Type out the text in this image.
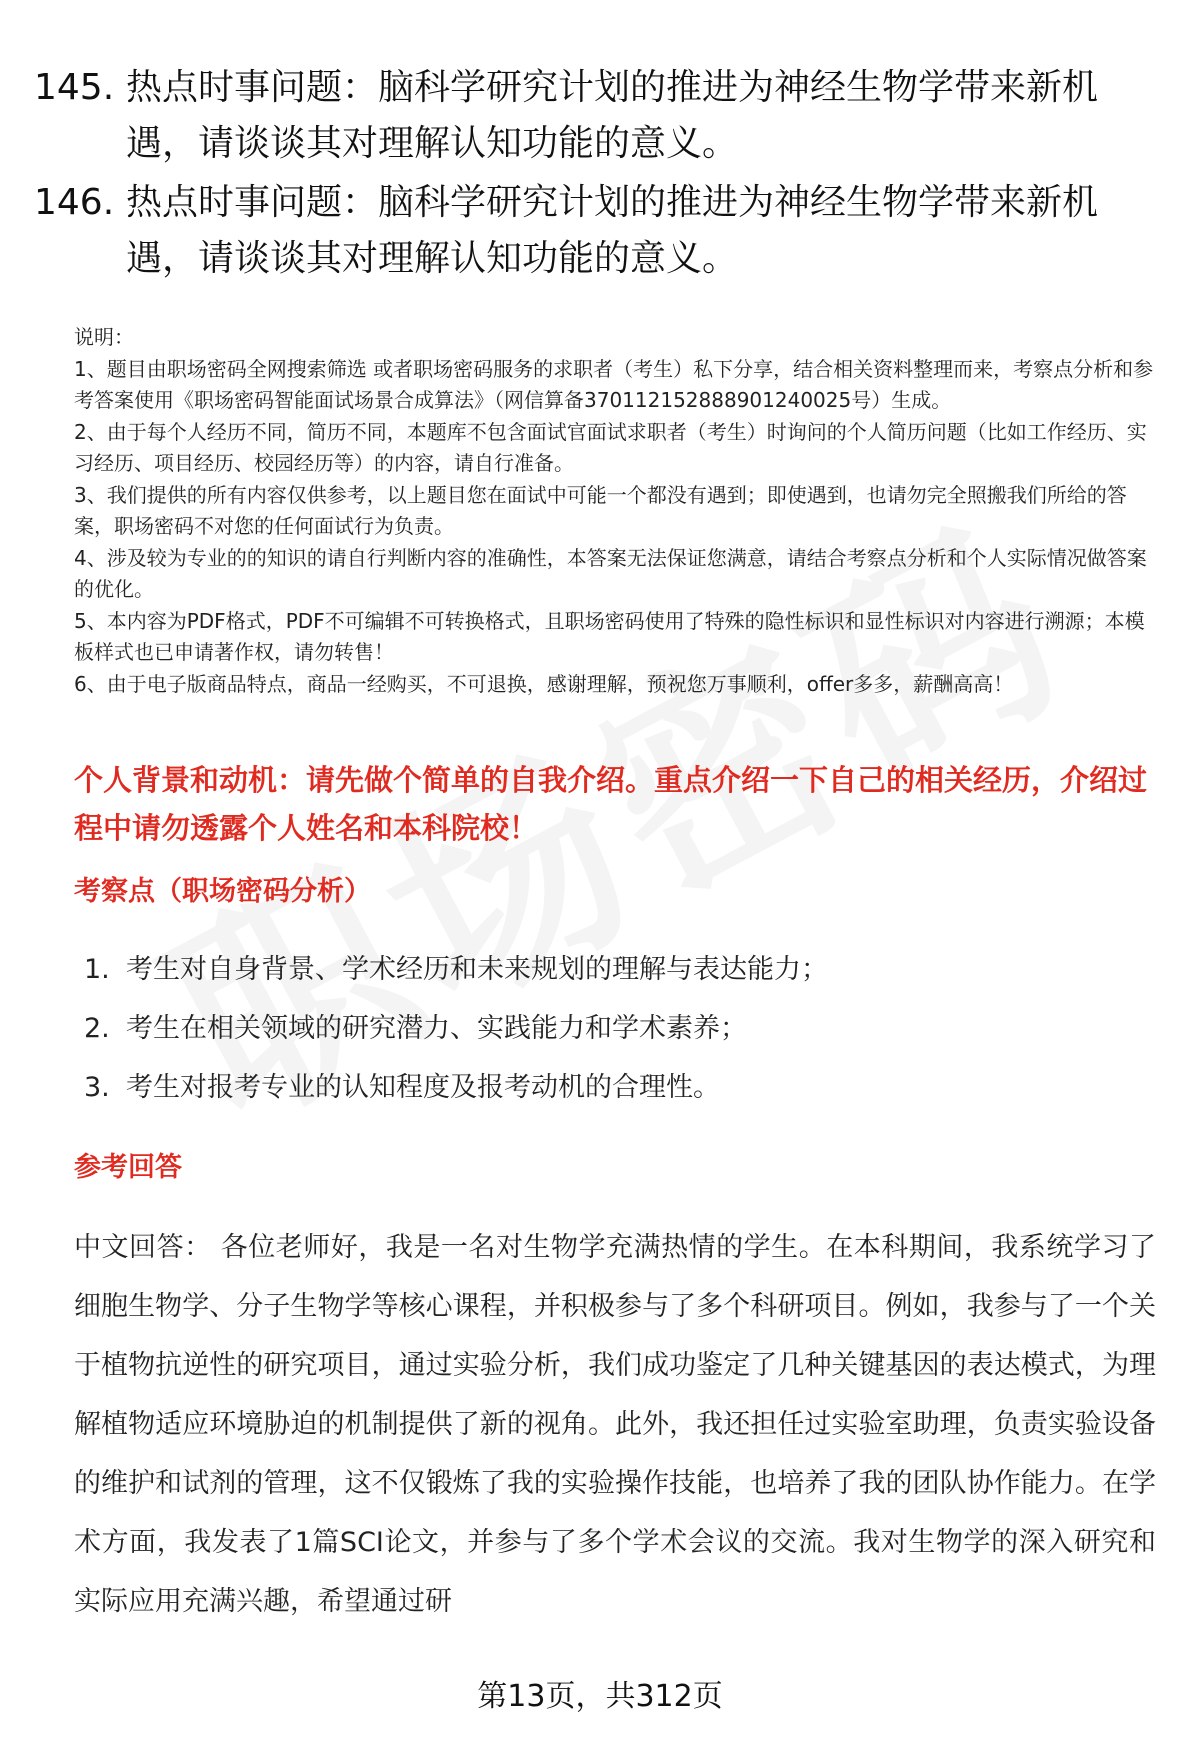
145. 热点时事问题：脑科学研究计划的推进为神经生物学带来新机遇，请谈谈其对理解认知功能的意义。
146. 热点时事问题：脑科学研究计划的推进为神经生物学带来新机遇，请谈谈其对理解认知功能的意义。
说明：
1、题目由职场密码全网搜索筛选 或者职场密码服务的求职者（考生）私下分享，结合相关资料整理而来，考察点分析和参考答案使用《职场密码智能面试场景合成算法》（网信算备370112152888901240025号）生成。
2、由于每个人经历不同，简历不同，本题库不包含面试官面试求职者（考生）时询问的个人简历问题（比如工作经历、实习经历、项目经历、校园经历等）的内容，请自行准备。
3、我们提供的所有内容仅供参考，以上题目您在面试中可能一个都没有遇到；即使遇到，也请勿完全照搬我们所给的答案，职场密码不对您的任何面试行为负责。
4、涉及较为专业的的知识的请自行判断内容的准确性，本答案无法保证您满意，请结合考察点分析和个人实际情况做答案的优化。
5、本内容为PDF格式，PDF不可编辑不可转换格式，且职场密码使用了特殊的隐性标识和显性标识对内容进行溯源；本模板样式也已申请著作权，请勿转售！
6、由于电子版商品特点，商品一经购买，不可退换，感谢理解，预祝您万事顺利，offer多多，薪酬高高！
个人背景和动机：请先做个简单的自我介绍。重点介绍一下自己的相关经历，介绍过程中请勿透露个人姓名和本科院校！
考察点（职场密码分析）
1. 考生对自身背景、学术经历和未来规划的理解与表达能力；
2. 考生在相关领域的研究潜力、实践能力和学术素养；
3. 考生对报考专业的认知程度及报考动机的合理性。
参考回答
中文回答： 各位老师好，我是一名对生物学充满热情的学生。在本科期间，我系统学习了细胞生物学、分子生物学等核心课程，并积极参与了多个科研项目。例如，我参与了一个关于植物抗逆性的研究项目，通过实验分析，我们成功鉴定了几种关键基因的表达模式，为理解植物适应环境胁迫的机制提供了新的视角。此外，我还担任过实验室助理，负责实验设备的维护和试剂的管理，这不仅锻炼了我的实验操作技能，也培养了我的团队协作能力。在学术方面，我发表了1篇SCI论文，并参与了多个学术会议的交流。我对生物学的深入研究和实际应用充满兴趣，希望通过研
第13页，共312页
